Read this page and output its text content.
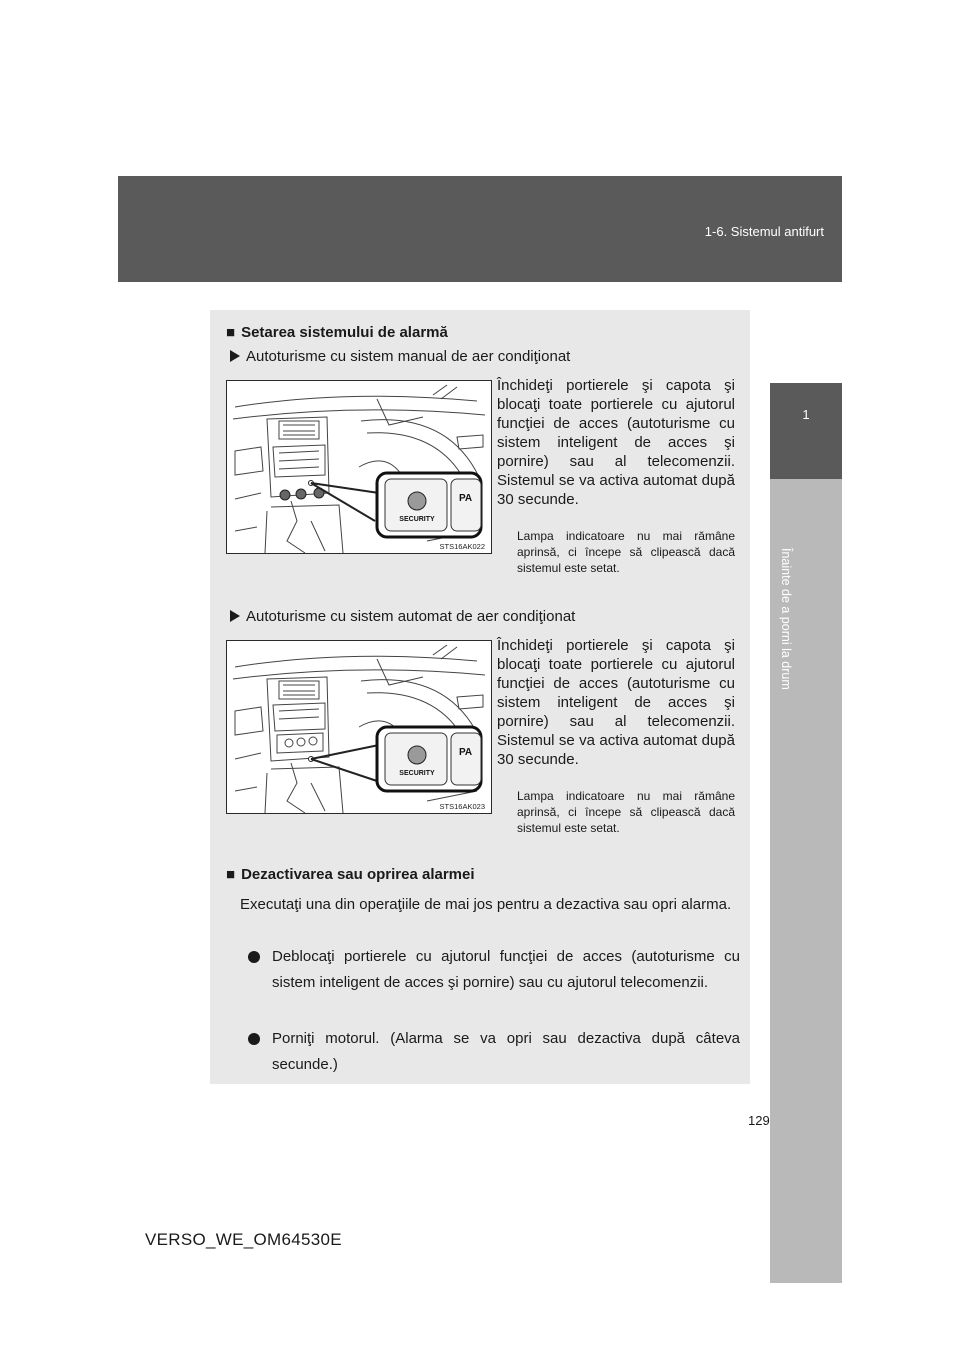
1-6. Sistemul antifurt
1
Înainte de a porni la drum
■ Setarea sistemului de alarmă
Autoturisme cu sistem manual de aer condiţionat
SECURITY
PA
STS16AK022
Închideţi portierele şi capota şi blocaţi toate portierele cu ajutorul funcţiei de acces (autoturisme cu sistem inteligent de acces şi pornire) sau al telecomenzii. Sistemul se va activa automat după 30 secunde.
Lampa indicatoare nu mai rămâne aprinsă, ci începe să clipească dacă sistemul este setat.
Autoturisme cu sistem automat de aer condiţionat
SECURITY
PA
STS16AK023
Închideţi portierele şi capota şi blocaţi toate portierele cu ajutorul funcţiei de acces (autoturisme cu sistem inteligent de acces şi pornire) sau al telecomenzii. Sistemul se va activa automat după 30 secunde.
Lampa indicatoare nu mai rămâne aprinsă, ci începe să clipească dacă sistemul este setat.
■ Dezactivarea sau oprirea alarmei
Executaţi una din operaţiile de mai jos pentru a dezactiva sau opri alarma.
Deblocaţi portierele cu ajutorul funcţiei de acces (autoturisme cu sistem inteligent de acces şi pornire) sau cu ajutorul telecomenzii.
Porniţi motorul. (Alarma se va opri sau dezactiva după câteva secunde.)
129
VERSO_WE_OM64530E
